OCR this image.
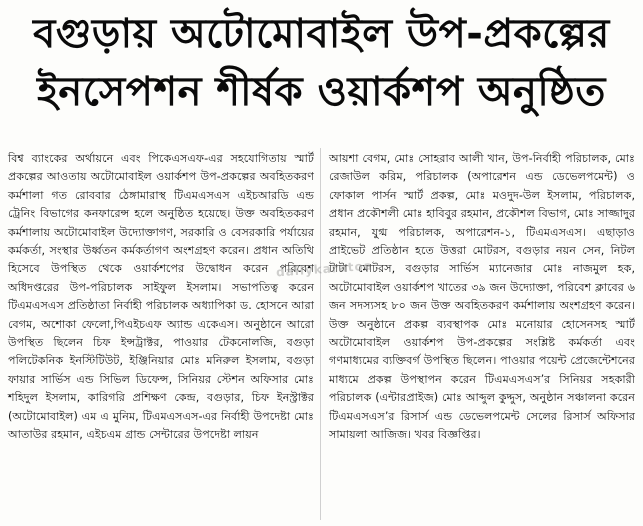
বগুড়ায় অটোমোবাইল উপ-প্রকল্পের
ইনসেপশন শীর্ষক ওয়ার্কশপ অনুষ্ঠিত

বিশ্ব ব্যাংকের অর্থায়নে এবং পিকেএসএফ-এর সহযোগিতায় স্মার্ট প্রকল্পের আওতায় অটোমোবাইল ওয়ার্কশপ উপ-প্রকল্পের অবহিতকরণ কর্মশালা গত রোববার ঠেঙ্গামারাস্থ টিএমএসএস এইচআরডি এন্ড ট্রেনিং বিভাগের কনফারেন্স হলে অনুষ্ঠিত হয়েছে। উক্ত অবহিতকরণ কর্মশালায় অটোমোবাইল উদ্যোক্তাগণ, সরকারি ও বেসরকারি পর্যায়ের কর্মকর্তা, সংস্থার উর্ধ্বতন কর্মকর্তাগণ অংশগ্রহণ করেন। প্রধান অতিথি হিসেবে উপস্থিত থেকে ওয়ার্কশপের উদ্বোধন করেন পরিবেশ অধিদপ্তরের উপ-পরিচালক সাইফুল ইসলাম। সভাপতিত্ব করেন টিএমএসএস প্রতিষ্ঠাতা নির্বাহী পরিচালক অধ্যাপিকা ড. হোসনে আরা বেগম, অশোকা ফেলো,পিএইচএফ অ্যান্ড একেএস। অনুষ্ঠানে আরো উপস্থিত ছিলেন চিফ ইন্সট্রাক্টর, পাওয়ার টেকনোলজি, বগুড়া পলিটেকনিক ইনস্টিটিউট, ইঞ্জিনিয়ার মোঃ মনিরুল ইসলাম, বগুড়া ফায়ার সার্ভিস এন্ড সিভিল ডিফেন্স, সিনিয়র স্টেশন অফিসার মোঃ শহিদুল ইসলাম, কারিগরি প্রশিক্ষণ কেন্দ্র, বগুড়ার, চিফ ইনস্ট্রাক্টর (অটোমোবাইল) এম এ মুনিম, টিএমএসএস-এর নির্বাহী উপদেষ্টা মোঃ আতাউর রহমান, এইচএম গ্রান্ড সেন্টারের উপদেষ্টা লায়ন

আয়শা বেগম, মোঃ সোহরাব আলী খান, উপ-নির্বাহী পরিচালক, মোঃ রেজাউল করিম, পরিচালক (অপারেশন এন্ড ডেভেলপমেন্ট) ও ফোকাল পার্সন স্মার্ট প্রকল্প, মোঃ মওদুদ-উল ইসলাম, পরিচালক, প্রধান প্রকৌশলী মোঃ হাবিবুর রহমান, প্রকৌশল বিভাগ, মোঃ সাজ্জাদুর রহমান, যুগ্ম পরিচালক, অপারেশন-১, টিএমএসএস। এছাড়াও প্রাইভেট প্রতিষ্ঠান হতে উত্তরা মোটরস, বগুড়ার নয়ন সেন, নিটল টাটা মোটরস, বগুড়ার সার্ভিস ম্যানেজার মোঃ নাজমুল হক, অটোমোবাইল ওয়ার্কশপ খাতের ৩৯ জন উদ্যোক্তা, পরিবেশ ক্লাবের ৬ জন সদস্যসহ ৮০ জন উক্ত অবহিতকরণ কর্মশালায় অংশগ্রহণ করেন। উক্ত অনুষ্ঠানে প্রকল্প ব্যবস্থাপক মোঃ মনোয়ার হোসেনসহ স্মার্ট অটোমোবাইল ওয়ার্কশপ উপ-প্রকল্পের সংশ্লিষ্ট কর্মকর্তা এবং গণমাধ্যমের ব্যক্তিবর্গ উপস্থিত ছিলেন। পাওয়ার পয়েন্ট প্রেজেন্টেশনের মাধ্যমে প্রকল্প উপস্থাপন করেন টিএমএসএস’র সিনিয়র সহকারী পরিচালক (এন্টারপ্রাইজ) মোঃ আব্দুল কুদ্দুস, অনুষ্ঠান সঞ্চালনা করেন টিএমএসএস’র রিসার্স এন্ড ডেভেলপমেন্ট সেলের রিসার্স অফিসার সামায়লা আজিজ। খবর বিজ্ঞপ্তির।

dailykaratoa
